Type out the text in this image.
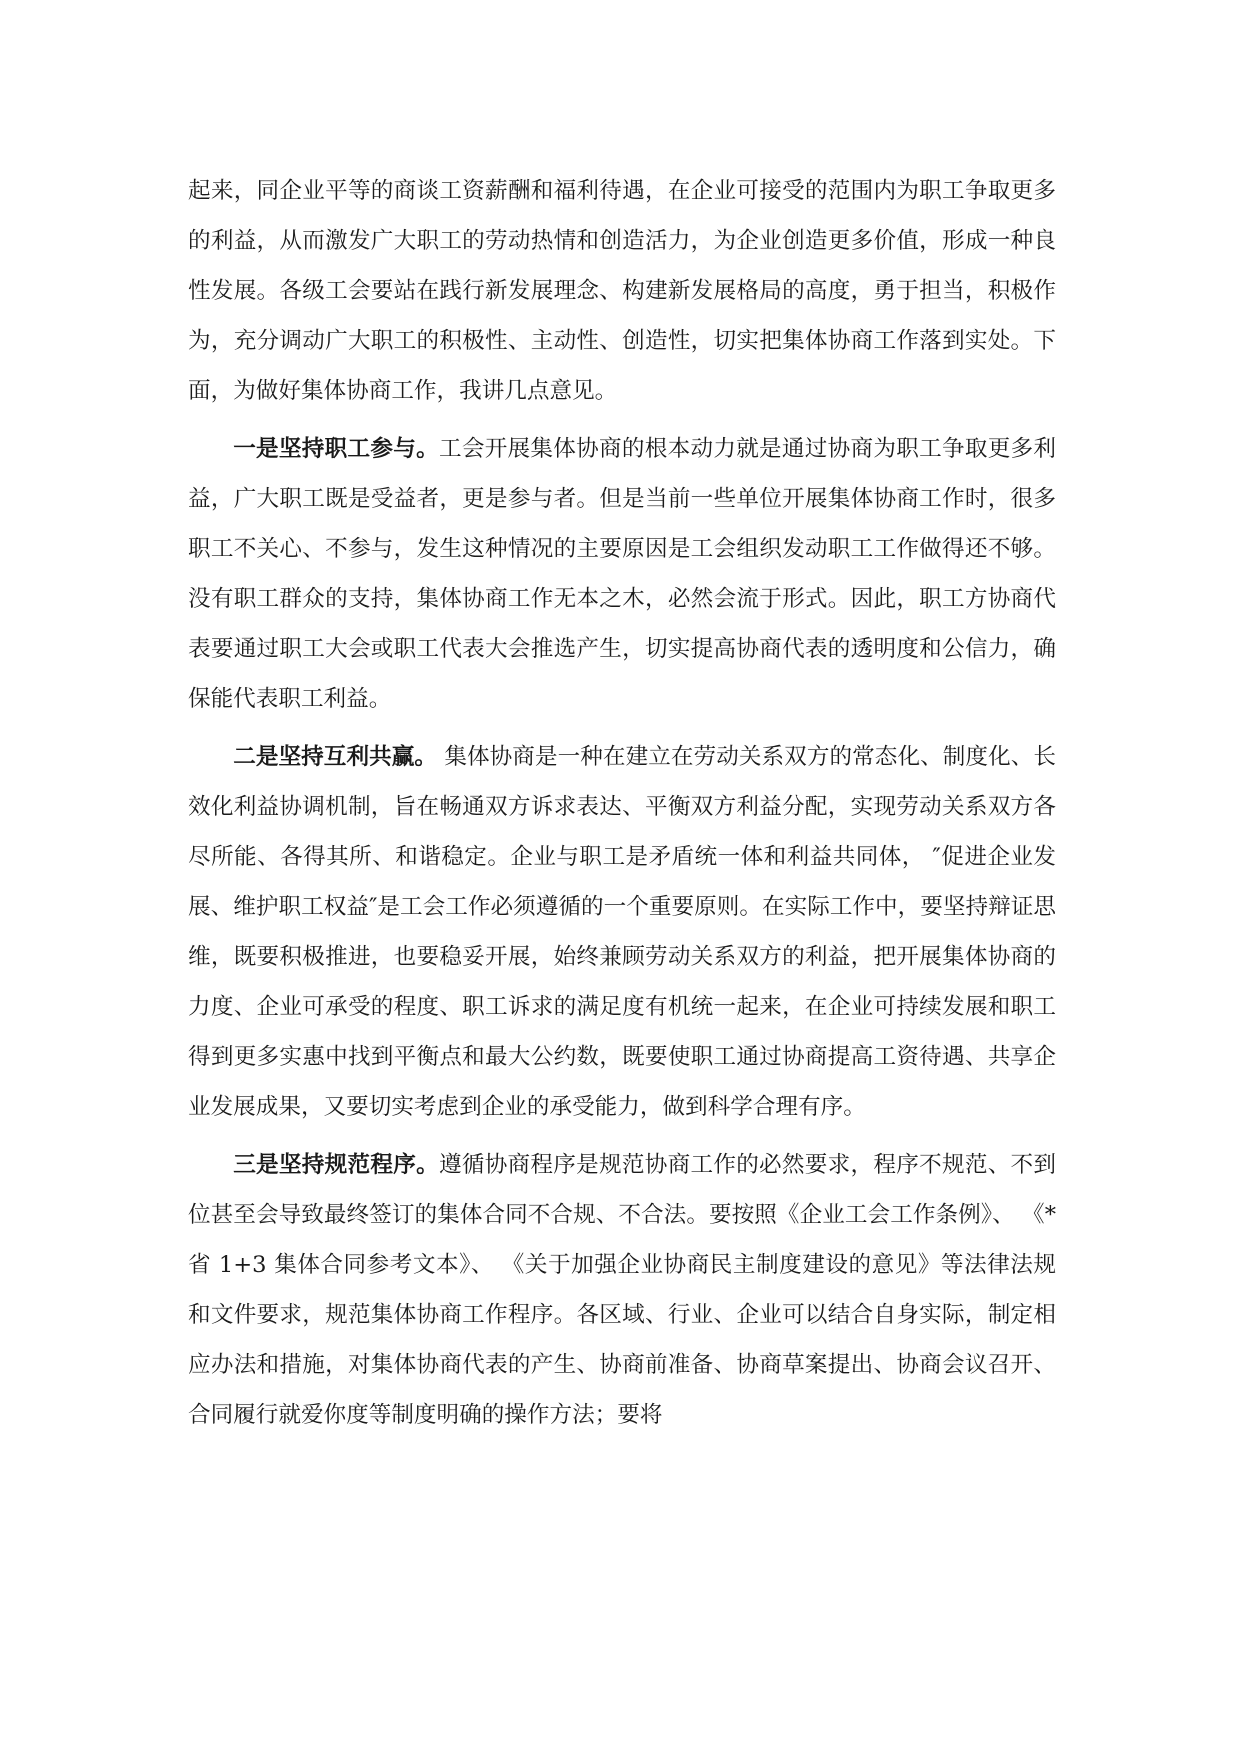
起来，同企业平等的商谈工资薪酬和福利待遇，在企业可接受的范围内为职工争取更多的利益，从而激发广大职工的劳动热情和创造活力，为企业创造更多价值，形成一种良性发展。各级工会要站在践行新发展理念、构建新发展格局的高度，勇于担当，积极作为，充分调动广大职工的积极性、主动性、创造性，切实把集体协商工作落到实处。下面，为做好集体协商工作，我讲几点意见。

一是坚持职工参与。工会开展集体协商的根本动力就是通过协商为职工争取更多利益，广大职工既是受益者，更是参与者。但是当前一些单位开展集体协商工作时，很多职工不关心、不参与，发生这种情况的主要原因是工会组织发动职工工作做得还不够。没有职工群众的支持，集体协商工作无本之木，必然会流于形式。因此，职工方协商代表要通过职工大会或职工代表大会推选产生，切实提高协商代表的透明度和公信力，确保能代表职工利益。

二是坚持互利共赢。 集体协商是一种在建立在劳动关系双方的常态化、制度化、长效化利益协调机制，旨在畅通双方诉求表达、平衡双方利益分配，实现劳动关系双方各尽所能、各得其所、和谐稳定。企业与职工是矛盾统一体和利益共同体， ″促进企业发展、维护职工权益″是工会工作必须遵循的一个重要原则。在实际工作中，要坚持辩证思维，既要积极推进，也要稳妥开展，始终兼顾劳动关系双方的利益，把开展集体协商的力度、企业可承受的程度、职工诉求的满足度有机统一起来，在企业可持续发展和职工得到更多实惠中找到平衡点和最大公约数，既要使职工通过协商提高工资待遇、共享企业发展成果，又要切实考虑到企业的承受能力，做到科学合理有序。

三是坚持规范程序。遵循协商程序是规范协商工作的必然要求，程序不规范、不到位甚至会导致最终签订的集体合同不合规、不合法。要按照《企业工会工作条例》、 《*省 1+3 集体合同参考文本》、 《关于加强企业协商民主制度建设的意见》等法律法规和文件要求，规范集体协商工作程序。各区域、行业、企业可以结合自身实际，制定相应办法和措施，对集体协商代表的产生、协商前准备、协商草案提出、协商会议召开、合同履行就爱你度等制度明确的操作方法；要将
